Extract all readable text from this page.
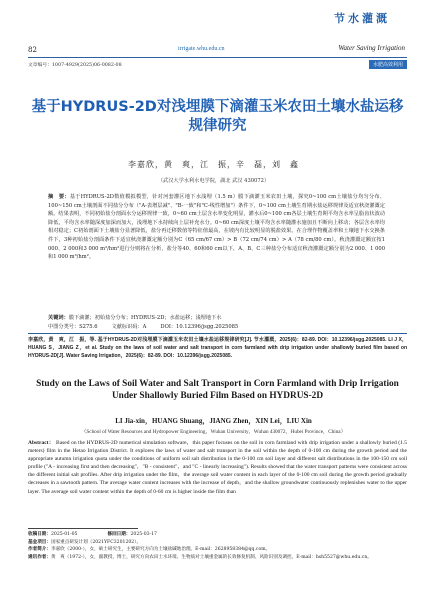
节水灌溉
82	irrigate.whu.edu.cn	Water Saving Irrigation
文章编号：1007-4929(2025)06-0082-08	水肥高效利用
基于HYDRUS-2D对浅埋膜下滴灌玉米农田土壤水盐运移规律研究
李嘉欣，黄　爽，江　振，辛　磊，刘　鑫
（武汉大学水利水电学院，湖北 武汉 430072）
摘　要：基于HYDRUS-2D数值模拟模型，针对河套灌区地下水浅埋（1.5 m）膜下滴灌玉米农田土壤，探究0~100 cm土壤盐分均匀分布、100~150 cm土壤剖面不同盐分分布（"A-表增层减"、"B-一致"和"C-线性增加"）条件下，0~100 cm土壤生育期水盐运移规律及适宜秋浇灌溉定额。结果表明，不同初始盐分剖面水分运移规律一致，0~60 cm土层含水率变化明显，灌水后0~100 cm各层土壤生育期平均含水率呈脂齿状波动降低，平均含水率随深度加深而加大，浅埋地下水持续向上层补充水分。0~60 cm深度土壤平均含水率随灌水施加且不断向上移动；各层含水率均相对稳定；C初始剖面下土壤盐分显著降低，盐分再迁移数值等特征值最高，在坡内有比较明显的脱盐效果。在合理作物覆盖率和土壤地下水交换条件下，3种初始盐分剖面条件下适宜秋浇灌溉定额分别为C（65 cm/67 cm）> B（72 cm/74 cm）> A（78 cm/80 cm）。秋浇灌溉定额宜按1 000、2 000和3 000 m³/hm²进行分则将在分析，盐分等40、60和60 cm以下，A、B、C三种盐分分布适宜秋浇灌溉定额分别为2 000、1 000和1 000 m³/hm²。
关键词：膜下滴灌；初始盐分分布；HYDRUS-2D；水盐运移；浅埋地下水
中图分类号：S275.6	文献标识码：A	DOI：10.12396/jsgg.2025085
李嘉欣，黄　爽，江　振，等. 基于HYDRUS-2D对浅埋膜下滴灌玉米农田土壤水盐运移规律研究[J]. 节水灌溉，2025(6)：82-89. DOI：10.12396/jsgg.2025085. LI J X，HUANG S，JIANG Z，et al. Study on the laws of soil water and salt transport in corn farmland with drip irrigation under shallowly buried film based on HYDRUS-2D[J]. Water Saving Irrigation，2025(6)：82-89. DOI：10.12396/jsgg.2025085.
Study on the Laws of Soil Water and Salt Transport in Corn Farmland with Drip Irrigation Under Shallowly Buried Film Based on HYDRUS-2D
LI Jia-xin，HUANG Shuang，JIANG Zhen，XIN Lei，LIU Xin
（School of Water Resources and Hydropower Engineering，Wuhan University，Wuhan 430072，Hubei Province，China）
Abstract： Based on the HYDRUS-2D numerical simulation software，this paper focuses on the soil in corn farmland with drip irrigation under a shallowly buried (1.5 meters) film in the Hetao Irrigation District. It explores the laws of water and salt transport in the soil within the depth of 0-100 cm during the growth period and the appropriate autumn irrigation quota under the conditions of uniform soil salt distribution in the 0-100 cm soil layer and different salt distributions in the 100-150 cm soil profile ("A - increasing first and then decreasing"，"B - consistent"，and "C - linearly increasing"). Results showed that the water transport patterns were consistent across the different initial salt profiles. After drip irrigation under the film，the average soil water content in each layer of the 0-100 cm soil during the growth period gradually decreases in a sawtooth pattern. The average water content increases with the increase of depth，and the shallow groundwater continuously replenishes water to the upper layer. The average soil water content within the depth of 0-60 cm is higher inside the film than
收稿日期：2025-01-05	修回日期：2025-03-17
基金项目：国家重点研发计划（2021YFC3201202）。
作者简介：李嘉欣（2000-），女，硕士研究生，主要研究方向为土壤盐碱地治理。E-mail：2628958384@qq.com。
通讯作者：黄　爽（1972-），女，副教授，博士，研究方向农田土水环境、生物质对土壤重金属的长效修复机制、风险识别及调控。E-mail：hsh5527@whu.edu.cn。
